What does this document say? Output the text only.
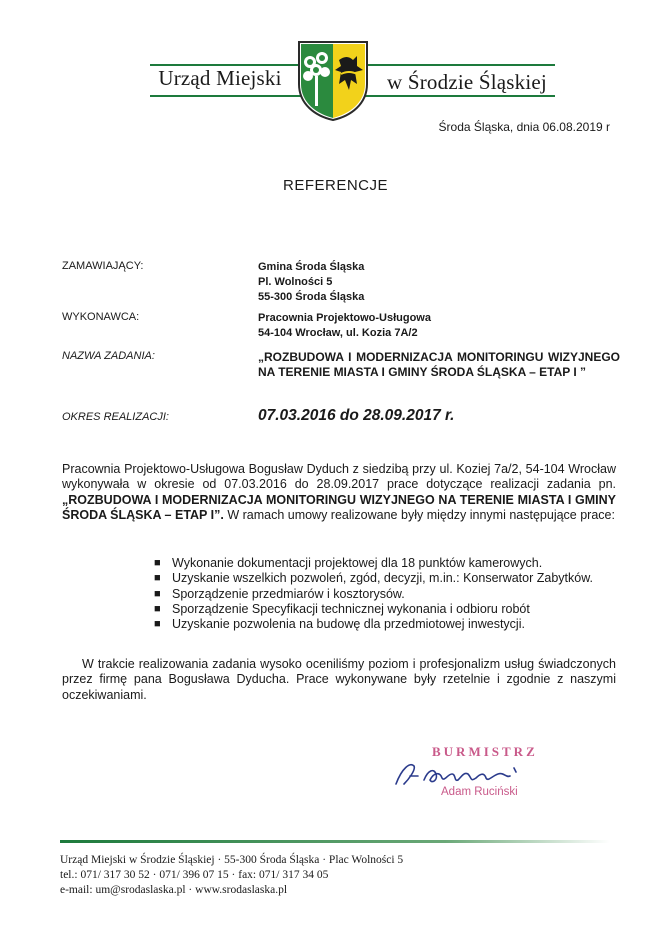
Urząd Miejski	w Środzie Śląskiej
Środa Śląska, dnia 06.08.2019 r
REFERENCJE
ZAMAWIAJĄCY:	Gmina Środa Śląska
Pl. Wolności 5
55-300 Środa Śląska
WYKONAWCA:	Pracownia Projektowo-Usługowa
54-104 Wrocław, ul. Kozia 7A/2
NAZWA ZADANIA:	„ROZBUDOWA I MODERNIZACJA MONITORINGU WIZYJNEGO NA TERENIE MIASTA I GMINY ŚRODA ŚLĄSKA – ETAP I ”
OKRES REALIZACJI:	07.03.2016 do 28.09.2017 r.
Pracownia Projektowo-Usługowa Bogusław Dyduch z siedzibą przy ul. Koziej 7a/2, 54-104 Wrocław wykonywała w okresie od 07.03.2016 do 28.09.2017 prace dotyczące realizacji zadania pn. „ROZBUDOWA I MODERNIZACJA MONITORINGU WIZYJNEGO NA TERENIE MIASTA I GMINY ŚRODA ŚLĄSKA – ETAP I”. W ramach umowy realizowane były między innymi następujące prace:
■ Wykonanie dokumentacji projektowej dla 18 punktów kamerowych.
■ Uzyskanie wszelkich pozwoleń, zgód, decyzji, m.in.: Konserwator Zabytków.
■ Sporządzenie przedmiarów i kosztorysów.
■ Sporządzenie Specyfikacji technicznej wykonania i odbioru robót
■ Uzyskanie pozwolenia na budowę dla przedmiotowej inwestycji.
W trakcie realizowania zadania wysoko oceniliśmy poziom i profesjonalizm usług świadczonych przez firmę pana Bogusława Dyducha. Prace wykonywane były rzetelnie i zgodnie z naszymi oczekiwaniami.
BURMISTRZ
Adam Ruciński
Urząd Miejski w Środzie Śląskiej · 55-300 Środa Śląska · Plac Wolności 5
tel.: 071/ 317 30 52 · 071/ 396 07 15 · fax: 071/ 317 34 05
e-mail: um@srodaslaska.pl · www.srodaslaska.pl
